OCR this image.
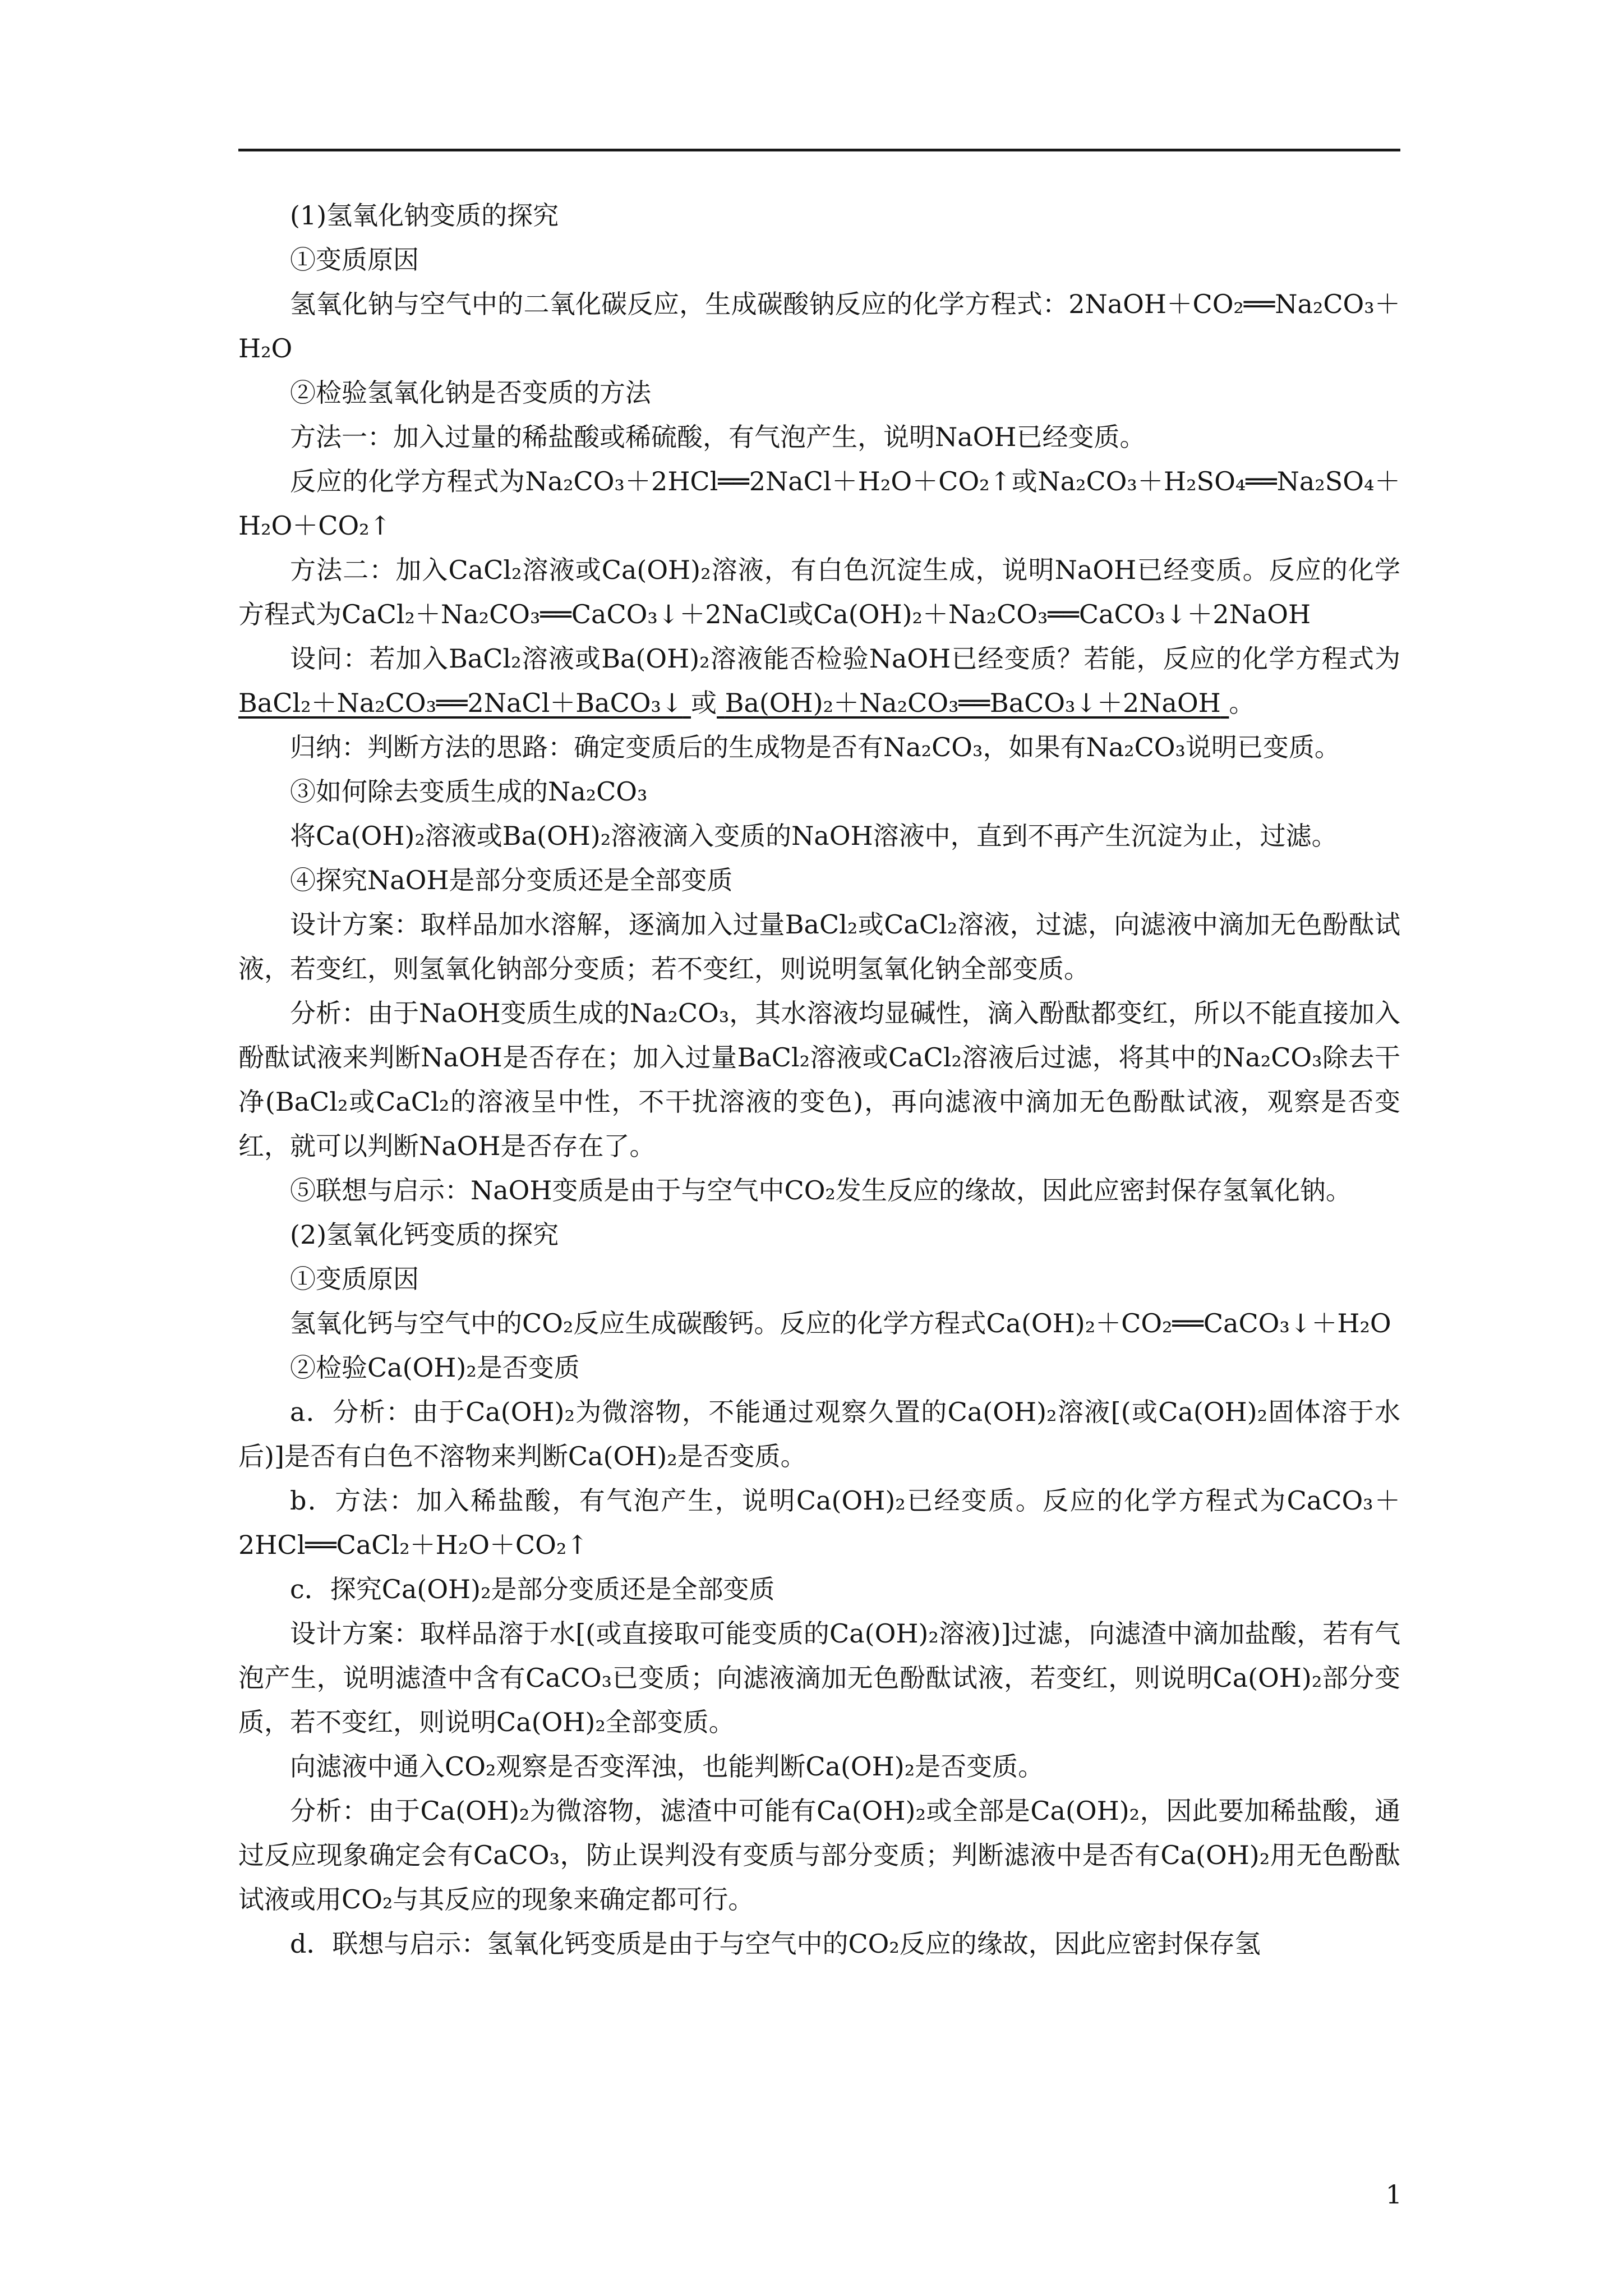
(1)氢氧化钠变质的探究

①变质原因

氢氧化钠与空气中的二氧化碳反应，生成碳酸钠反应的化学方程式：2NaOH＋CO₂══Na₂CO₃＋H₂O

②检验氢氧化钠是否变质的方法

方法一：加入过量的稀盐酸或稀硫酸，有气泡产生，说明NaOH已经变质。

反应的化学方程式为Na₂CO₃＋2HCl══2NaCl＋H₂O＋CO₂↑或Na₂CO₃＋H₂SO₄══Na₂SO₄＋H₂O＋CO₂↑

方法二：加入CaCl₂溶液或Ca(OH)₂溶液，有白色沉淀生成，说明NaOH已经变质。反应的化学方程式为CaCl₂＋Na₂CO₃══CaCO₃↓＋2NaCl或Ca(OH)₂＋Na₂CO₃══CaCO₃↓＋2NaOH

设问：若加入BaCl₂溶液或Ba(OH)₂溶液能否检验NaOH已经变质？若能，反应的化学方程式为 BaCl₂＋Na₂CO₃══2NaCl＋BaCO₃↓ 或 Ba(OH)₂＋Na₂CO₃══BaCO₃↓＋2NaOH 。

归纳：判断方法的思路：确定变质后的生成物是否有Na₂CO₃，如果有Na₂CO₃说明已变质。

③如何除去变质生成的Na₂CO₃

将Ca(OH)₂溶液或Ba(OH)₂溶液滴入变质的NaOH溶液中，直到不再产生沉淀为止，过滤。

④探究NaOH是部分变质还是全部变质

设计方案：取样品加水溶解，逐滴加入过量BaCl₂或CaCl₂溶液，过滤，向滤液中滴加无色酚酞试液，若变红，则氢氧化钠部分变质；若不变红，则说明氢氧化钠全部变质。

分析：由于NaOH变质生成的Na₂CO₃，其水溶液均显碱性，滴入酚酞都变红，所以不能直接加入酚酞试液来判断NaOH是否存在；加入过量BaCl₂溶液或CaCl₂溶液后过滤，将其中的Na₂CO₃除去干净(BaCl₂或CaCl₂的溶液呈中性，不干扰溶液的变色)，再向滤液中滴加无色酚酞试液，观察是否变红，就可以判断NaOH是否存在了。

⑤联想与启示：NaOH变质是由于与空气中CO₂发生反应的缘故，因此应密封保存氢氧化钠。

(2)氢氧化钙变质的探究

①变质原因

氢氧化钙与空气中的CO₂反应生成碳酸钙。反应的化学方程式Ca(OH)₂＋CO₂══CaCO₃↓＋H₂O

②检验Ca(OH)₂是否变质

a．分析：由于Ca(OH)₂为微溶物，不能通过观察久置的Ca(OH)₂溶液[(或Ca(OH)₂固体溶于水后)]是否有白色不溶物来判断Ca(OH)₂是否变质。

b．方法：加入稀盐酸，有气泡产生，说明Ca(OH)₂已经变质。反应的化学方程式为CaCO₃＋2HCl══CaCl₂＋H₂O＋CO₂↑

c．探究Ca(OH)₂是部分变质还是全部变质

设计方案：取样品溶于水[(或直接取可能变质的Ca(OH)₂溶液)]过滤，向滤渣中滴加盐酸，若有气泡产生，说明滤渣中含有CaCO₃已变质；向滤液滴加无色酚酞试液，若变红，则说明Ca(OH)₂部分变质，若不变红，则说明Ca(OH)₂全部变质。

向滤液中通入CO₂观察是否变浑浊，也能判断Ca(OH)₂是否变质。

分析：由于Ca(OH)₂为微溶物，滤渣中可能有Ca(OH)₂或全部是Ca(OH)₂，因此要加稀盐酸，通过反应现象确定会有CaCO₃，防止误判没有变质与部分变质；判断滤液中是否有Ca(OH)₂用无色酚酞试液或用CO₂与其反应的现象来确定都可行。

d．联想与启示：氢氧化钙变质是由于与空气中的CO₂反应的缘故，因此应密封保存氢

1
